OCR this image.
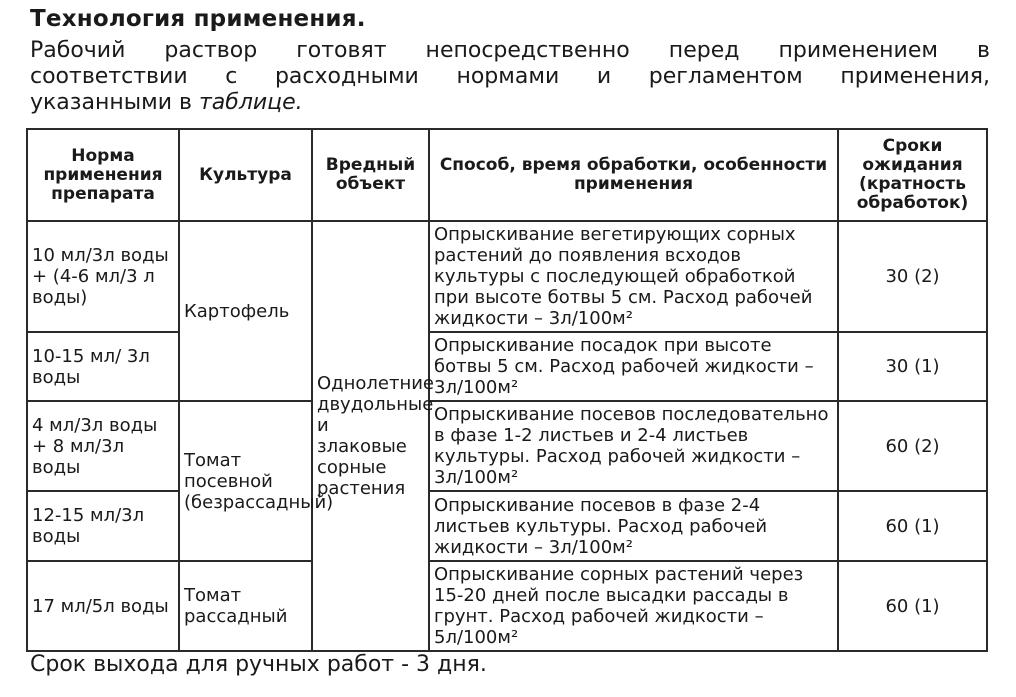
Технология применения.
Рабочий раствор готовят непосредственно перед применением в
соответствии с расходными нормами и регламентом применения,
указанными в таблице.
Норма применения препарата	Культура	Вредный объект	Способ, время обработки, особенности применения	Сроки ожидания (кратность обработок)
10 мл/3л воды + (4-6 мл/3 л воды)	Картофель	Однолетние двудольные и злаковые сорные растения	Опрыскивание вегетирующих сорных растений до появления всходов культуры с последующей обработкой при высоте ботвы 5 см. Расход рабочей жидкости – 3л/100м²	30 (2)
10-15 мл/ 3л воды			Опрыскивание посадок при высоте ботвы 5 см. Расход рабочей жидкости – 3л/100м²	30 (1)
4 мл/3л воды + 8 мл/3л воды	Томат посевной (безрассадный)		Опрыскивание посевов последовательно в фазе 1-2 листьев и 2-4 листьев культуры. Расход рабочей жидкости – 3л/100м²	60 (2)
12-15 мл/3л воды			Опрыскивание посевов в фазе 2-4 листьев культуры. Расход рабочей жидкости – 3л/100м²	60 (1)
17 мл/5л воды	Томат рассадный		Опрыскивание сорных растений через 15-20 дней после высадки рассады в грунт. Расход рабочей жидкости – 5л/100м²	60 (1)
Срок выхода для ручных работ - 3 дня.
